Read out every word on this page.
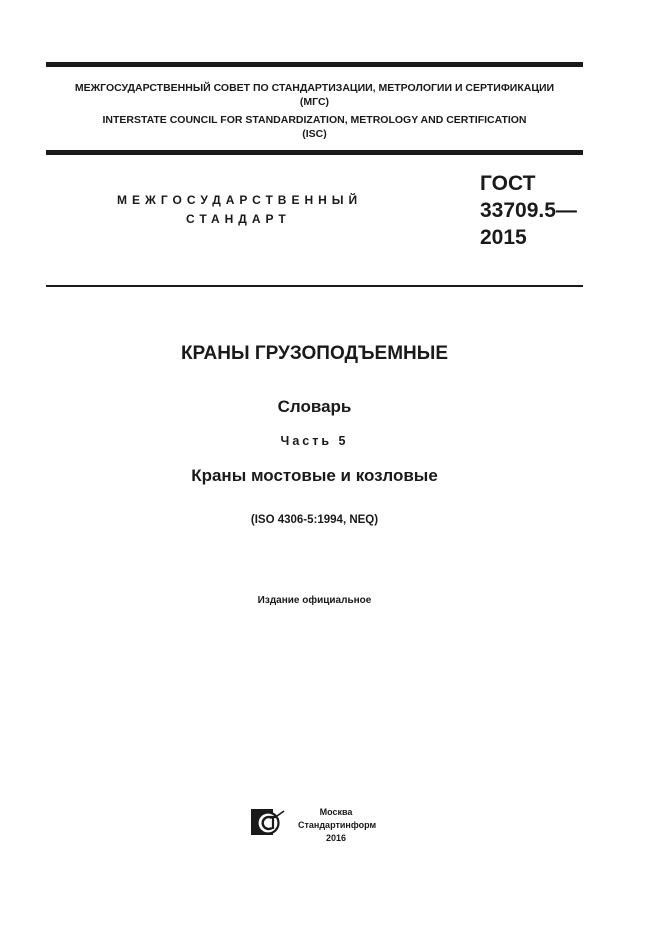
МЕЖГОСУДАРСТВЕННЫЙ СОВЕТ ПО СТАНДАРТИЗАЦИИ, МЕТРОЛОГИИ И СЕРТИФИКАЦИИ
(МГС)
INTERSTATE COUNCIL FOR STANDARDIZATION, METROLOGY AND CERTIFICATION
(ISC)
МЕЖГОСУДАРСТВЕННЫЙ
СТАНДАРТ
ГОСТ
33709.5—
2015
КРАНЫ ГРУЗОПОДЪЕМНЫЕ
Словарь
Часть 5
Краны мостовые и козловые
(ISO 4306-5:1994, NEQ)
Издание официальное
Москва
Стандартинформ
2016
